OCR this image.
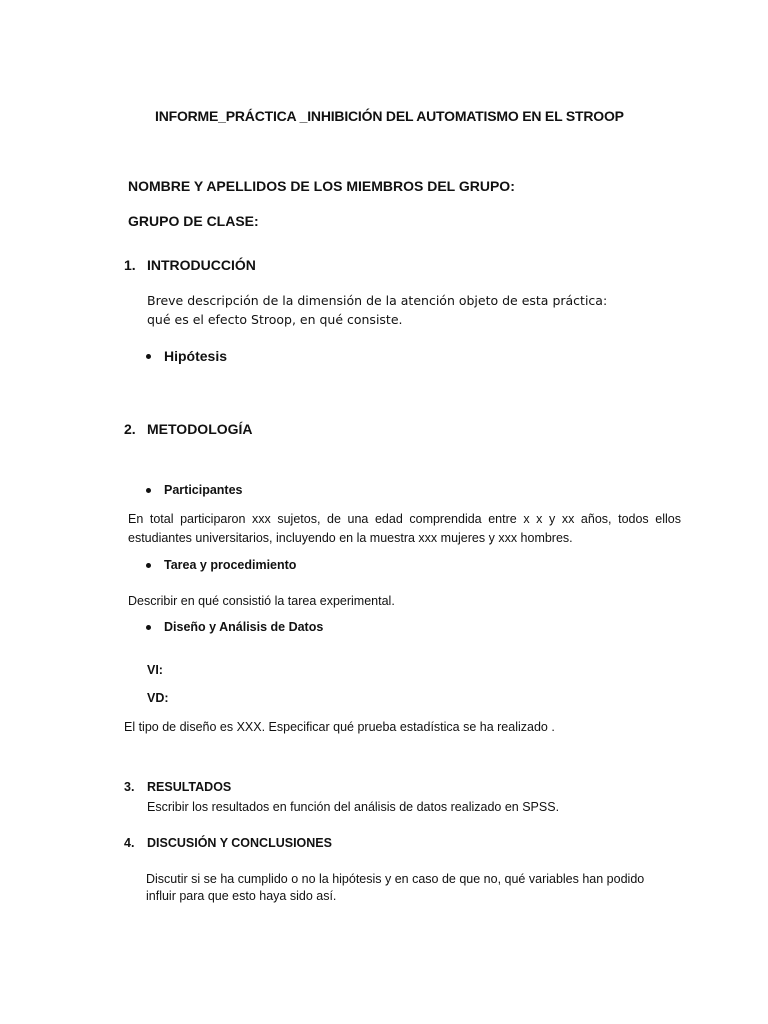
INFORME_PRÁCTICA _INHIBICIÓN DEL AUTOMATISMO EN EL STROOP
NOMBRE Y APELLIDOS DE LOS MIEMBROS DEL GRUPO:
GRUPO DE CLASE:
1. INTRODUCCIÓN
Breve descripción de la dimensión de la atención objeto de esta práctica:
qué es el efecto Stroop, en qué consiste.
Hipótesis
2. METODOLOGÍA
Participantes
En total participaron xxx sujetos, de una edad comprendida entre x x y xx años, todos ellos
estudiantes universitarios, incluyendo en la muestra xxx mujeres y xxx hombres.
Tarea y procedimiento
Describir en qué consistió la tarea experimental.
Diseño y Análisis de Datos
VI:
VD:
El tipo de diseño es XXX. Especificar qué prueba estadística se ha realizado .
3. RESULTADOS
Escribir los resultados en función del análisis de datos realizado en SPSS.
4. DISCUSIÓN Y CONCLUSIONES
Discutir si se ha cumplido o no la hipótesis y en caso de que no, qué variables han podido
influir para que esto haya sido así.
